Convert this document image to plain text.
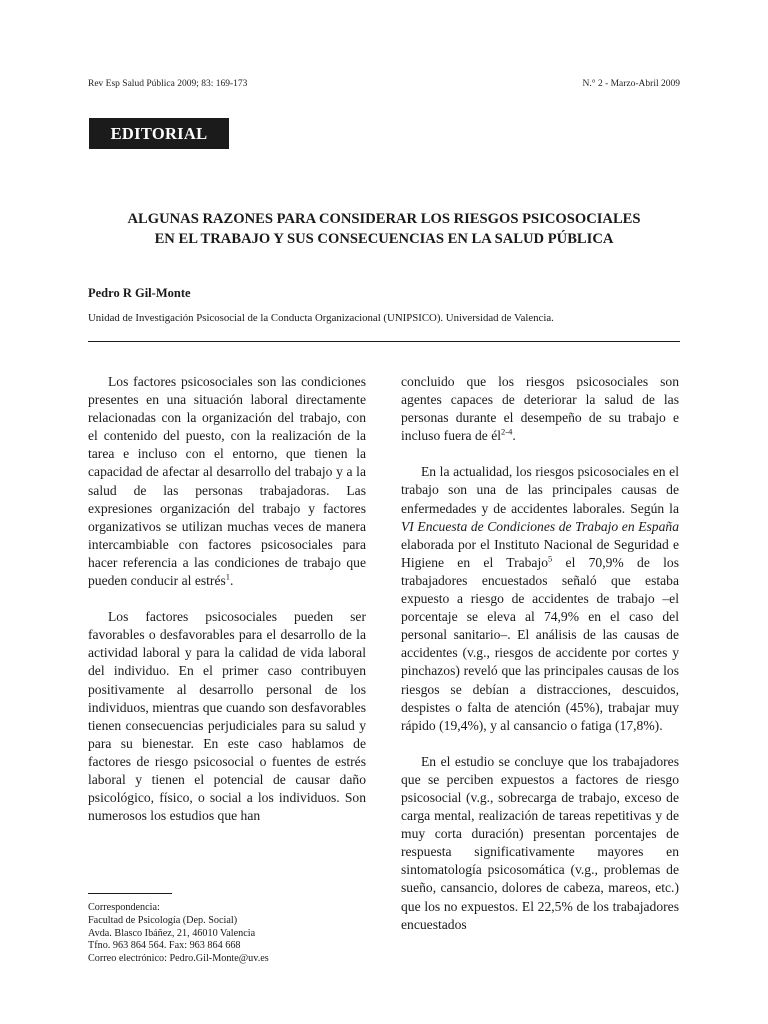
Rev Esp Salud Pública 2009; 83: 169-173	N.° 2 - Marzo-Abril 2009
EDITORIAL
ALGUNAS RAZONES PARA CONSIDERAR LOS RIESGOS PSICOSOCIALES
EN EL TRABAJO Y SUS CONSECUENCIAS EN LA SALUD PÚBLICA
Pedro R Gil-Monte
Unidad de Investigación Psicosocial de la Conducta Organizacional (UNIPSICO). Universidad de Valencia.

Los factores psicosociales son las condiciones presentes en una situación laboral directamente relacionadas con la organización del trabajo, con el contenido del puesto, con la realización de la tarea e incluso con el entorno, que tienen la capacidad de afectar al desarrollo del trabajo y a la salud de las personas trabajadoras. Las expresiones organización del trabajo y factores organizativos se utilizan muchas veces de manera intercambiable con factores psicosociales para hacer referencia a las condiciones de trabajo que pueden conducir al estrés$^1$.

Los factores psicosociales pueden ser favorables o desfavorables para el desarrollo de la actividad laboral y para la calidad de vida laboral del individuo. En el primer caso contribuyen positivamente al desarrollo personal de los individuos, mientras que cuando son desfavorables tienen consecuencias perjudiciales para su salud y para su bienestar. En este caso hablamos de factores de riesgo psicosocial o fuentes de estrés laboral y tienen el potencial de causar daño psicológico, físico, o social a los individuos. Son numerosos los estudios que han

concluido que los riesgos psicosociales son agentes capaces de deteriorar la salud de las personas durante el desempeño de su trabajo e incluso fuera de $él^{2-4}$.

En la actualidad, los riesgos psicosociales en el trabajo son una de las principales causas de enfermedades y de accidentes laborales. Según la VI Encuesta de Condiciones de Trabajo en España elaborada por el Instituto Nacional de Seguridad e Higiene en el Trabajo$^5$ el 70,9% de los trabajadores encuestados señaló que estaba expuesto a riesgo de accidentes de trabajo –el porcentaje se eleva al 74,9% en el caso del personal sanitario–. El análisis de las causas de accidentes (v.g., riesgos de accidente por cortes y pinchazos) reveló que las principales causas de los riesgos se debían a distracciones, descuidos, despistes o falta de atención (45%), trabajar muy rápido (19,4%), y al cansancio o fatiga (17,8%).

En el estudio se concluye que los trabajadores que se perciben expuestos a factores de riesgo psicosocial (v.g., sobrecarga de trabajo, exceso de carga mental, realización de tareas repetitivas y de muy corta duración) presentan porcentajes de respuesta significativamente mayores en sintomatología psicosomática (v.g., problemas de sueño, cansancio, dolores de cabeza, mareos, etc.) que los no expuestos. El 22,5% de los trabajadores encuestados

Correspondencia:
Facultad de Psicología (Dep. Social)
Avda. Blasco Ibáñez, 21, 46010 Valencia
Tfno. 963 864 564. Fax: 963 864 668
Correo electrónico: Pedro.Gil-Monte@uv.es
